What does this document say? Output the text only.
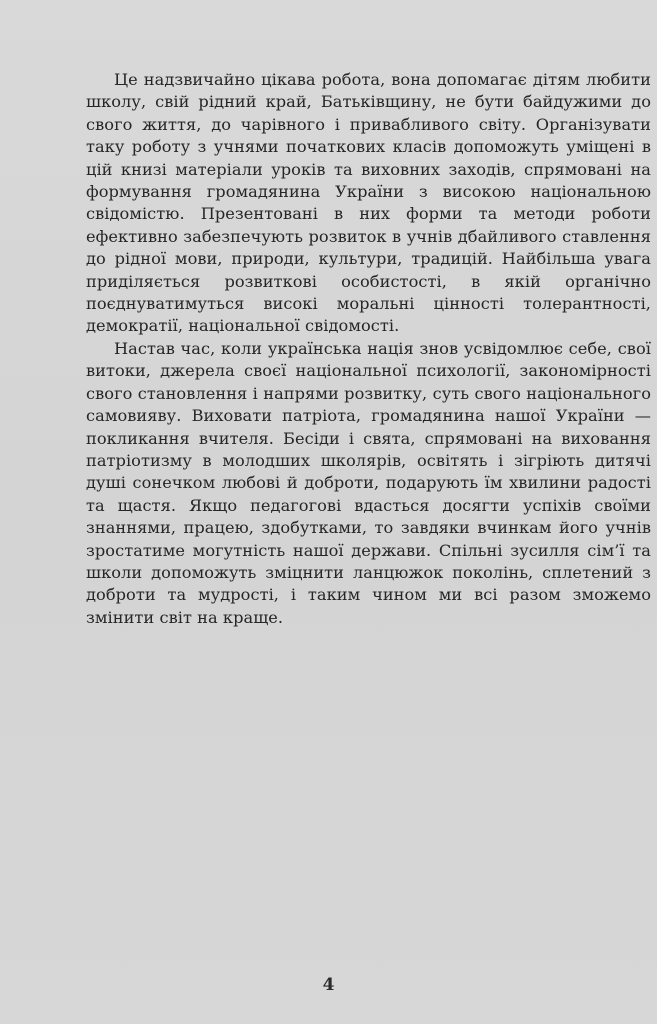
Це надзвичайно цікава робота, вона допомагає дітям любити школу, свій рідний край, Батьківщину, не бути байдужими до свого життя, до чарівного і привабливого світу. Організувати таку роботу з учнями початкових класів допоможуть уміщені в цій книзі матеріали уроків та виховних заходів, спрямовані на формування громадянина України з високою національною свідомістю. Презентовані в них форми та методи роботи ефективно забезпечують розвиток в учнів дбайливого ставлення до рідної мови, природи, культури, традицій. Найбільша увага приділяється розвиткові особистості, в якій органічно поєднуватимуться високі моральні цінності толерантності, демократії, національної свідомості.

Настав час, коли українська нація знов усвідомлює себе, свої витоки, джерела своєї національної психології, закономірності свого становлення і напрями розвитку, суть свого національного самовияву. Виховати патріота, громадянина нашої України — покликання вчителя. Бесіди і свята, спрямовані на виховання патріотизму в молодших школярів, освітять і зігріють дитячі душі сонечком любові й доброти, подарують їм хвилини радості та щастя. Якщо педагогові вдасться досягти успіхів своїми знаннями, працею, здобутками, то завдяки вчинкам його учнів зростатиме могутність нашої держави. Спільні зусилля сім’ї та школи допоможуть зміцнити ланцюжок поколінь, сплетений з доброти та мудрості, і таким чином ми всі разом зможемо змінити світ на краще.

4
